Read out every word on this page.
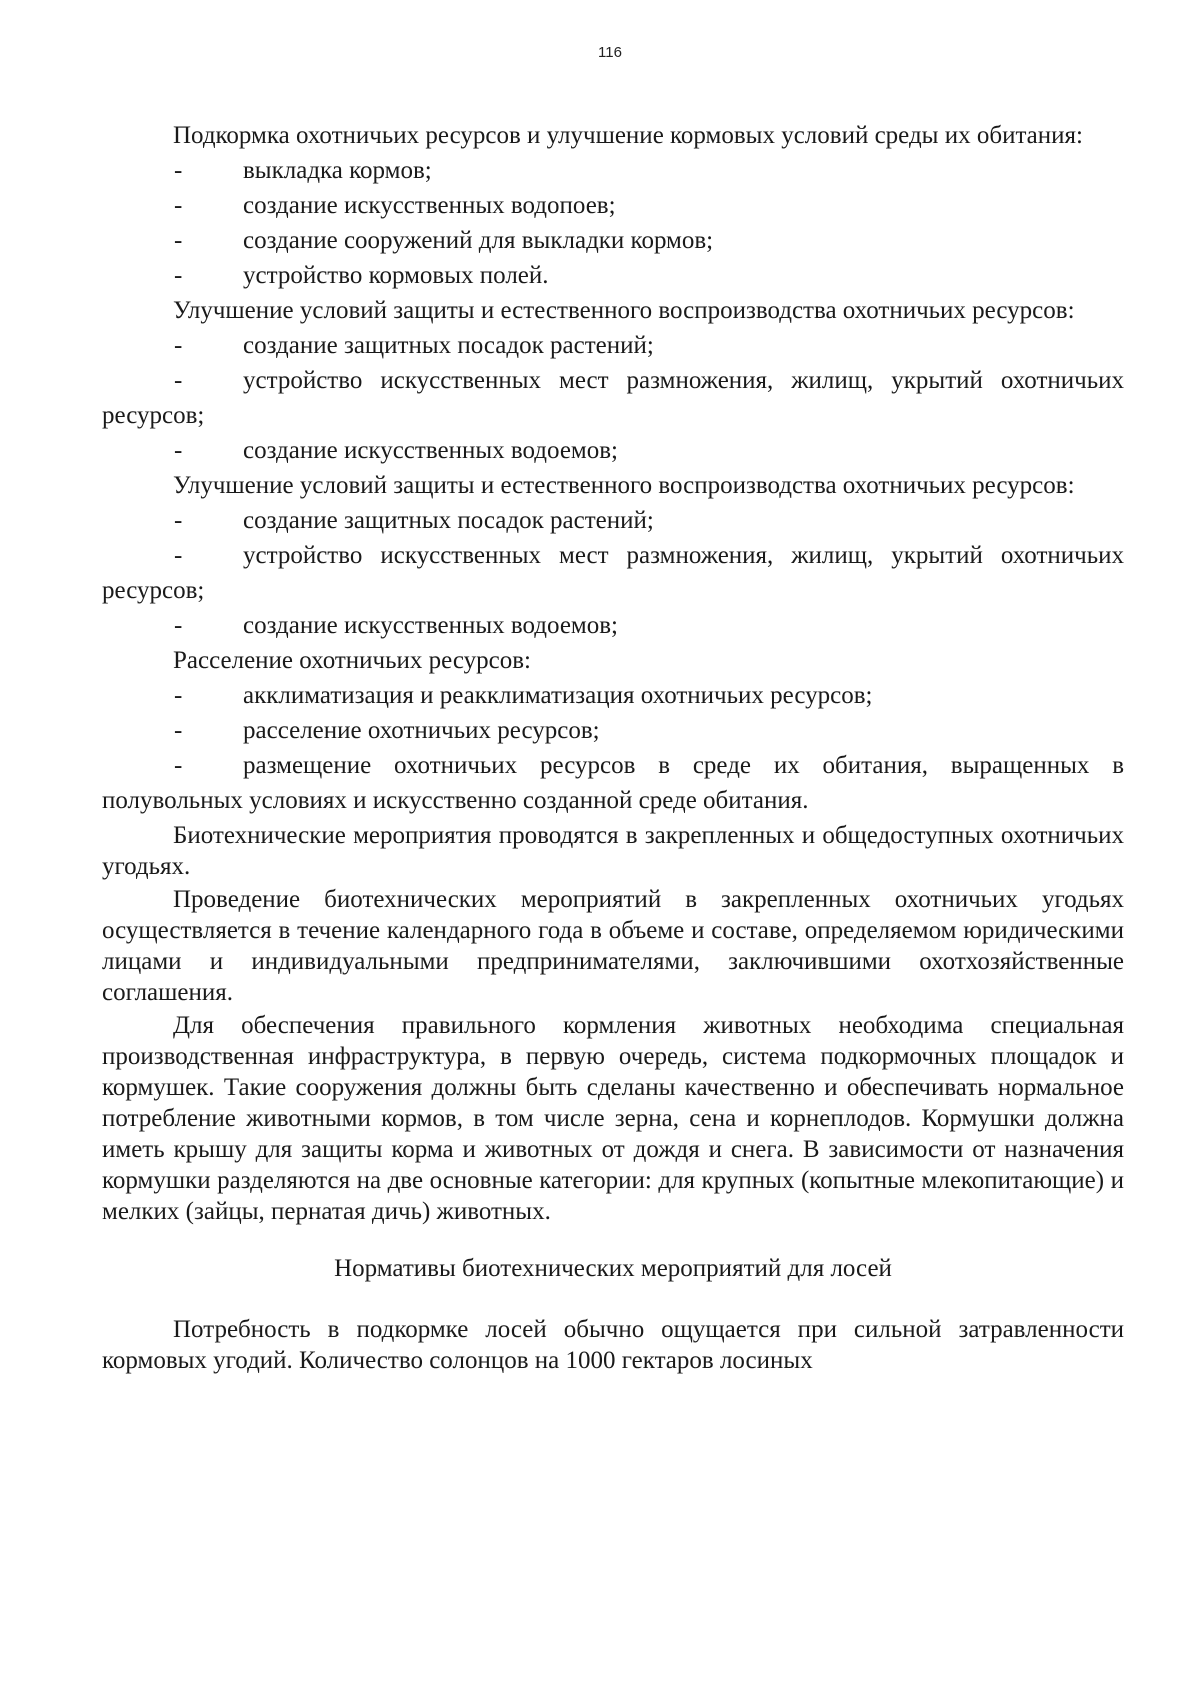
116

Подкормка охотничьих ресурсов и улучшение кормовых условий среды их обитания:

- выкладка кормов;

- создание искусственных водопоев;

- создание сооружений для выкладки кормов;

- устройство кормовых полей.

Улучшение условий защиты и естественного воспроизводства охотничьих ресурсов:

- создание защитных посадок растений;

- устройство искусственных мест размножения, жилищ, укрытий охотничьих ресурсов;

- создание искусственных водоемов;

Улучшение условий защиты и естественного воспроизводства охотничьих ресурсов:

- создание защитных посадок растений;

- устройство искусственных мест размножения, жилищ, укрытий охотничьих ресурсов;

- создание искусственных водоемов;

Расселение охотничьих ресурсов:

- акклиматизация и реакклиматизация охотничьих ресурсов;

- расселение охотничьих ресурсов;

- размещение охотничьих ресурсов в среде их обитания, выращенных в полувольных условиях и искусственно созданной среде обитания.

Биотехнические мероприятия проводятся в закрепленных и общедоступных охотничьих угодьях.

Проведение биотехнических мероприятий в закрепленных охотничьих угодьях осуществляется в течение календарного года в объеме и составе, определяемом юридическими лицами и индивидуальными предпринимателями, заключившими охотхозяйственные соглашения.

Для обеспечения правильного кормления животных необходима специальная производственная инфраструктура, в первую очередь, система подкормочных площадок и кормушек. Такие сооружения должны быть сделаны качественно и обеспечивать нормальное потребление животными кормов, в том числе зерна, сена и корнеплодов. Кормушки должна иметь крышу для защиты корма и животных от дождя и снега. В зависимости от назначения кормушки разделяются на две основные категории: для крупных (копытные млекопитающие) и мелких (зайцы, пернатая дичь) животных.

Нормативы биотехнических мероприятий для лосей

Потребность в подкормке лосей обычно ощущается при сильной затравленности кормовых угодий. Количество солонцов на 1000 гектаров лосиных
